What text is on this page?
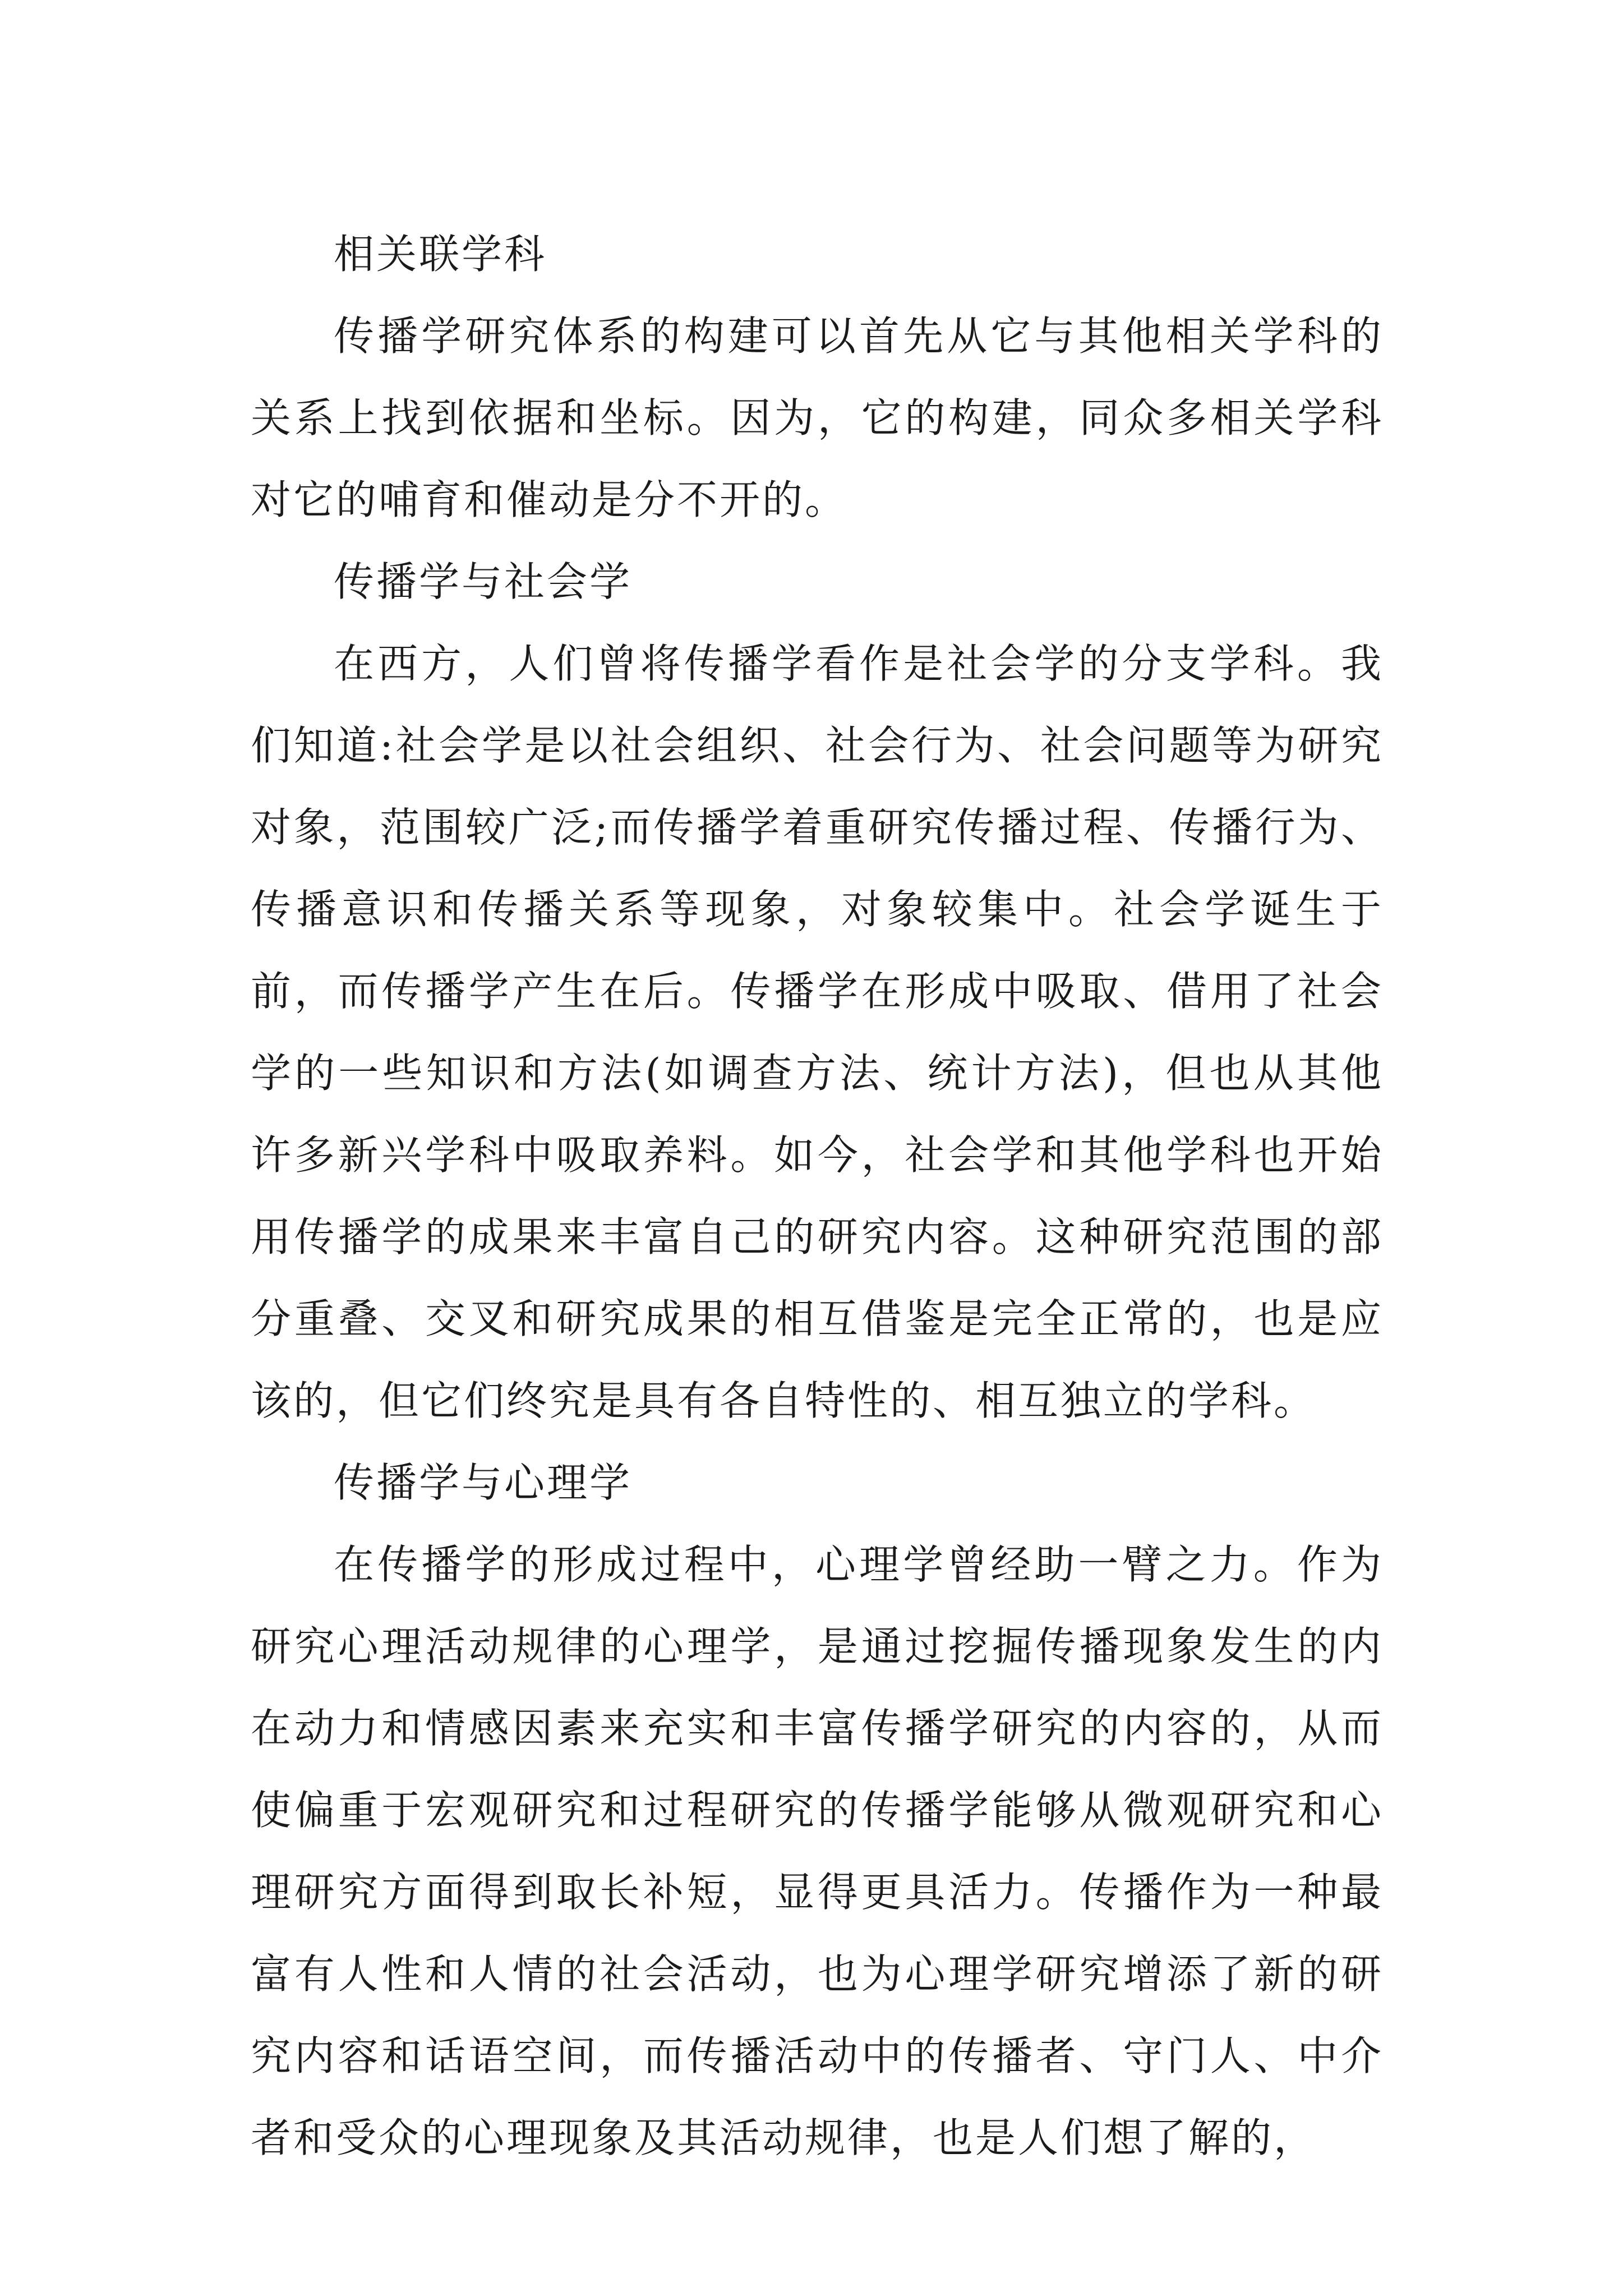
相关联学科

传播学研究体系的构建可以首先从它与其他相关学科的关系上找到依据和坐标。因为，它的构建，同众多相关学科对它的哺育和催动是分不开的。

传播学与社会学

在西方，人们曾将传播学看作是社会学的分支学科。我们知道:社会学是以社会组织、社会行为、社会问题等为研究对象，范围较广泛;而传播学着重研究传播过程、传播行为、传播意识和传播关系等现象，对象较集中。社会学诞生于前，而传播学产生在后。传播学在形成中吸取、借用了社会学的一些知识和方法(如调查方法、统计方法)，但也从其他许多新兴学科中吸取养料。如今，社会学和其他学科也开始用传播学的成果来丰富自己的研究内容。这种研究范围的部分重叠、交叉和研究成果的相互借鉴是完全正常的，也是应该的，但它们终究是具有各自特性的、相互独立的学科。

传播学与心理学

在传播学的形成过程中，心理学曾经助一臂之力。作为研究心理活动规律的心理学，是通过挖掘传播现象发生的内在动力和情感因素来充实和丰富传播学研究的内容的，从而使偏重于宏观研究和过程研究的传播学能够从微观研究和心理研究方面得到取长补短，显得更具活力。传播作为一种最富有人性和人情的社会活动，也为心理学研究增添了新的研究内容和话语空间，而传播活动中的传播者、守门人、中介者和受众的心理现象及其活动规律，也是人们想了解的，
